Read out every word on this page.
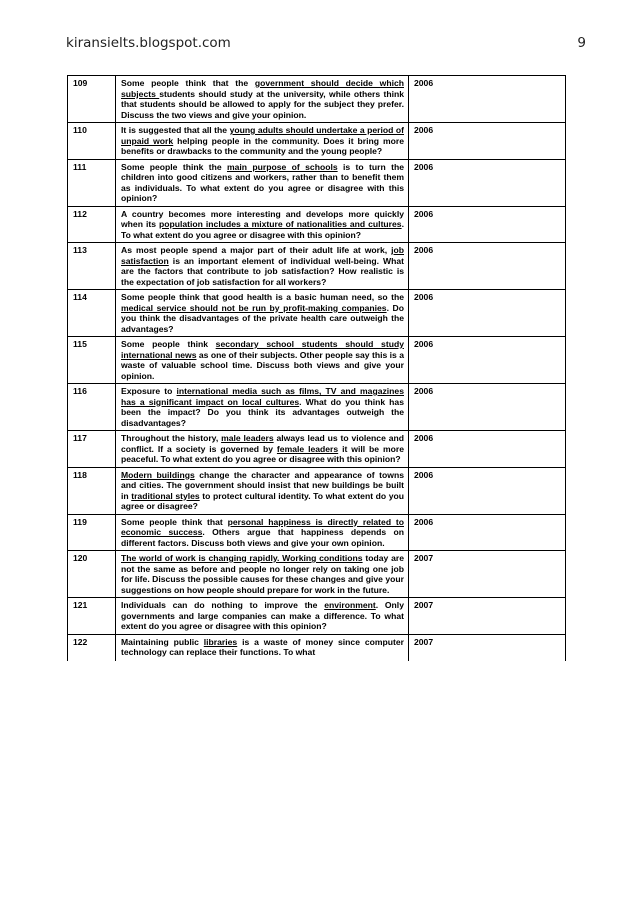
kiransielts.blogspot.com	9
109	Some people think that the government should decide which subjects students should study at the university, while others think that students should be allowed to apply for the subject they prefer. Discuss the two views and give your opinion.	2006
110	It is suggested that all the young adults should undertake a period of unpaid work helping people in the community. Does it bring more benefits or drawbacks to the community and the young people?	2006
111	Some people think the main purpose of schools is to turn the children into good citizens and workers, rather than to benefit them as individuals. To what extent do you agree or disagree with this opinion?	2006
112	A country becomes more interesting and develops more quickly when its population includes a mixture of nationalities and cultures. To what extent do you agree or disagree with this opinion?	2006
113	As most people spend a major part of their adult life at work, job satisfaction is an important element of individual well-being. What are the factors that contribute to job satisfaction? How realistic is the expectation of job satisfaction for all workers?	2006
114	Some people think that good health is a basic human need, so the medical service should not be run by profit-making companies. Do you think the disadvantages of the private health care outweigh the advantages?	2006
115	Some people think secondary school students should study international news as one of their subjects. Other people say this is a waste of valuable school time. Discuss both views and give your opinion.	2006
116	Exposure to international media such as films, TV and magazines has a significant impact on local cultures. What do you think has been the impact? Do you think its advantages outweigh the disadvantages?	2006
117	Throughout the history, male leaders always lead us to violence and conflict. If a society is governed by female leaders it will be more peaceful. To what extent do you agree or disagree with this opinion?	2006
118	Modern buildings change the character and appearance of towns and cities. The government should insist that new buildings be built in traditional styles to protect cultural identity. To what extent do you agree or disagree?	2006
119	Some people think that personal happiness is directly related to economic success. Others argue that happiness depends on different factors. Discuss both views and give your own opinion.	2006
120	The world of work is changing rapidly. Working conditions today are not the same as before and people no longer rely on taking one job for life. Discuss the possible causes for these changes and give your suggestions on how people should prepare for work in the future.	2007
121	Individuals can do nothing to improve the environment. Only governments and large companies can make a difference. To what extent do you agree or disagree with this opinion?	2007
122	Maintaining public libraries is a waste of money since computer technology can replace their functions. To what	2007
